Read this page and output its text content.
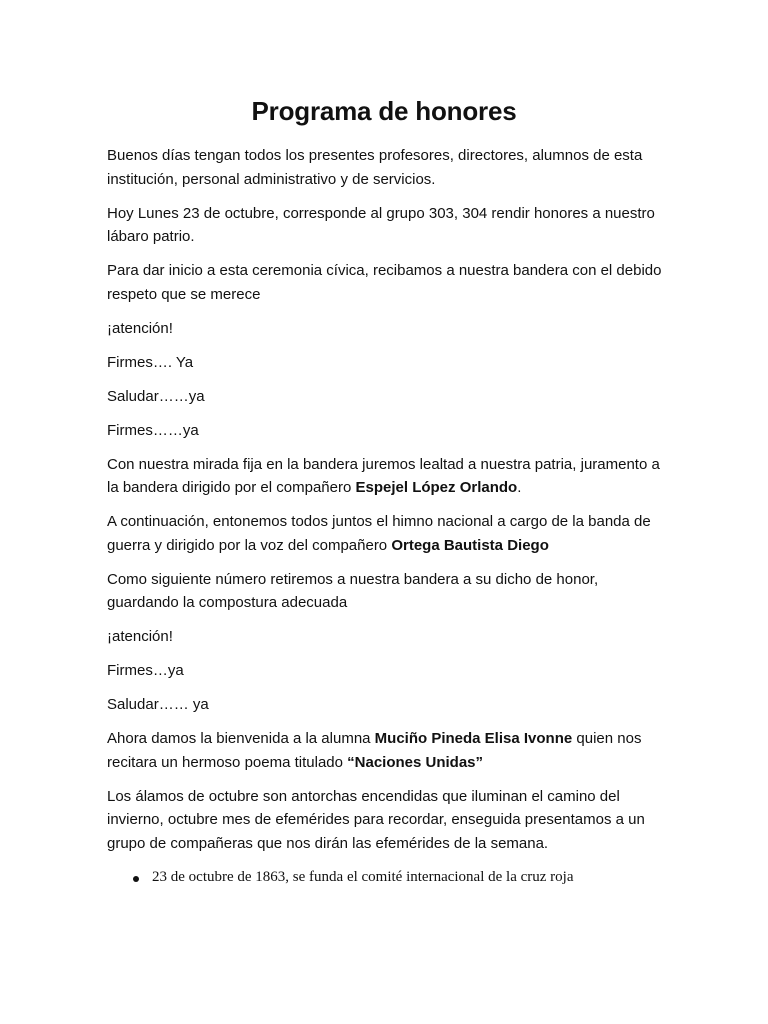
Programa de honores

Buenos días tengan todos los presentes profesores, directores, alumnos de esta institución, personal administrativo y de servicios.

Hoy Lunes 23 de octubre, corresponde al grupo 303, 304 rendir honores a nuestro lábaro patrio.

Para dar inicio a esta ceremonia cívica, recibamos a nuestra bandera con el debido respeto que se merece

¡atención!

Firmes…. Ya

Saludar……ya

Firmes……ya

Con nuestra mirada fija en la bandera juremos lealtad a nuestra patria, juramento a la bandera dirigido por el compañero Espejel López Orlando.

A continuación, entonemos todos juntos el himno nacional a cargo de la banda de guerra y dirigido por la voz del compañero Ortega Bautista Diego

Como siguiente número retiremos a nuestra bandera a su dicho de honor, guardando la compostura adecuada

¡atención!

Firmes…ya

Saludar…… ya

Ahora damos la bienvenida a la alumna Muciño Pineda Elisa Ivonne quien nos recitara un hermoso poema titulado “Naciones Unidas”

Los álamos de octubre son antorchas encendidas que iluminan el camino del invierno, octubre mes de efemérides para recordar, enseguida presentamos a un grupo de compañeras que nos dirán las efemérides de la semana.

23 de octubre de 1863, se funda el comité internacional de la cruz roja
